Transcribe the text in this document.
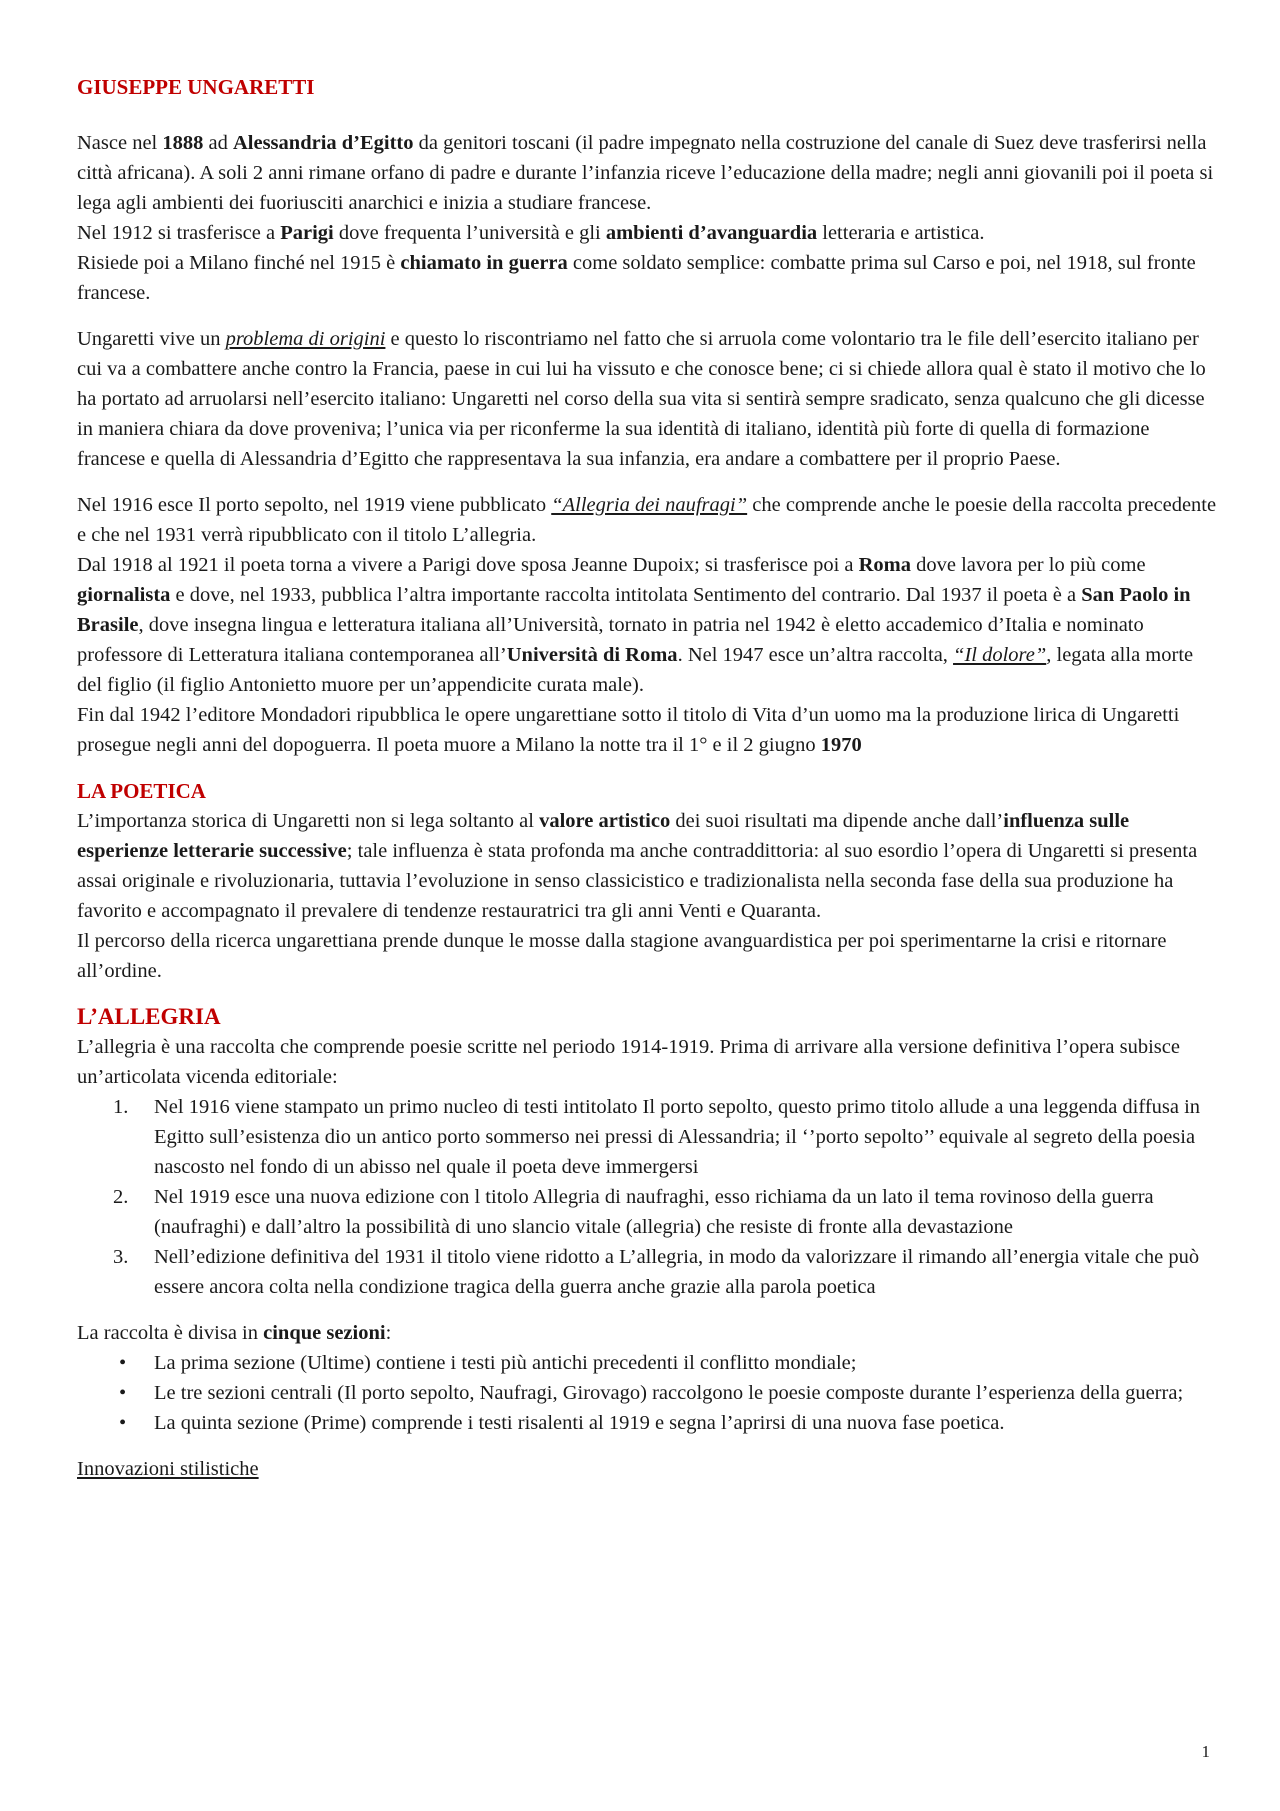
GIUSEPPE UNGARETTI

Nasce nel 1888 ad Alessandria d’Egitto da genitori toscani (il padre impegnato nella costruzione del canale di Suez deve trasferirsi nella città africana). A soli 2 anni rimane orfano di padre e durante l’infanzia riceve l’educazione della madre; negli anni giovanili poi il poeta si lega agli ambienti dei fuoriusciti anarchici e inizia a studiare francese.
Nel 1912 si trasferisce a Parigi dove frequenta l’università e gli ambienti d’avanguardia letteraria e artistica.
Risiede poi a Milano finché nel 1915 è chiamato in guerra come soldato semplice: combatte prima sul Carso e poi, nel 1918, sul fronte francese.

Ungaretti vive un problema di origini e questo lo riscontriamo nel fatto che si arruola come volontario tra le file dell’esercito italiano per cui va a combattere anche contro la Francia, paese in cui lui ha vissuto e che conosce bene; ci si chiede allora qual è stato il motivo che lo ha portato ad arruolarsi nell’esercito italiano: Ungaretti nel corso della sua vita si sentirà sempre sradicato, senza qualcuno che gli dicesse in maniera chiara da dove proveniva; l’unica via per riconferme la sua identità di italiano, identità più forte di quella di formazione francese e quella di Alessandria d’Egitto che rappresentava la sua infanzia, era andare a combattere per il proprio Paese.

Nel 1916 esce Il porto sepolto, nel 1919 viene pubblicato “Allegria dei naufragi” che comprende anche le poesie della raccolta precedente e che nel 1931 verrà ripubblicato con il titolo L’allegria.
Dal 1918 al 1921 il poeta torna a vivere a Parigi dove sposa Jeanne Dupoix; si trasferisce poi a Roma dove lavora per lo più come giornalista e dove, nel 1933, pubblica l’altra importante raccolta intitolata Sentimento del contrario. Dal 1937 il poeta è a San Paolo in Brasile, dove insegna lingua e letteratura italiana all’Università, tornato in patria nel 1942 è eletto accademico d’Italia e nominato professore di Letteratura italiana contemporanea all’Università di Roma. Nel 1947 esce un’altra raccolta, “Il dolore”, legata alla morte del figlio (il figlio Antonietto muore per un’appendicite curata male).
Fin dal 1942 l’editore Mondadori ripubblica le opere ungarettiane sotto il titolo di Vita d’un uomo ma la produzione lirica di Ungaretti prosegue negli anni del dopoguerra. Il poeta muore a Milano la notte tra il 1° e il 2 giugno 1970

LA POETICA

L’importanza storica di Ungaretti non si lega soltanto al valore artistico dei suoi risultati ma dipende anche dall’influenza sulle esperienze letterarie successive; tale influenza è stata profonda ma anche contraddittoria: al suo esordio l’opera di Ungaretti si presenta assai originale e rivoluzionaria, tuttavia l’evoluzione in senso classicistico e tradizionalista nella seconda fase della sua produzione ha favorito e accompagnato il prevalere di tendenze restauratrici tra gli anni Venti e Quaranta.
Il percorso della ricerca ungarettiana prende dunque le mosse dalla stagione avanguardistica per poi sperimentarne la crisi e ritornare all’ordine.

L’ALLEGRIA

L’allegria è una raccolta che comprende poesie scritte nel periodo 1914-1919. Prima di arrivare alla versione definitiva l’opera subisce un’articolata vicenda editoriale:

1. Nel 1916 viene stampato un primo nucleo di testi intitolato Il porto sepolto, questo primo titolo allude a una leggenda diffusa in Egitto sull’esistenza dio un antico porto sommerso nei pressi di Alessandria; il ‘’porto sepolto’’ equivale al segreto della poesia nascosto nel fondo di un abisso nel quale il poeta deve immergersi
2. Nel 1919 esce una nuova edizione con l titolo Allegria di naufraghi, esso richiama da un lato il tema rovinoso della guerra (naufraghi) e dall’altro la possibilità di uno slancio vitale (allegria) che resiste di fronte alla devastazione
3. Nell’edizione definitiva del 1931 il titolo viene ridotto a L’allegria, in modo da valorizzare il rimando all’energia vitale che può essere ancora colta nella condizione tragica della guerra anche grazie alla parola poetica

La raccolta è divisa in cinque sezioni:

• La prima sezione (Ultime) contiene i testi più antichi precedenti il conflitto mondiale;
• Le tre sezioni centrali (Il porto sepolto, Naufragi, Girovago) raccolgono le poesie composte durante l’esperienza della guerra;
• La quinta sezione (Prime) comprende i testi risalenti al 1919 e segna l’aprirsi di una nuova fase poetica.

Innovazioni stilistiche

1
